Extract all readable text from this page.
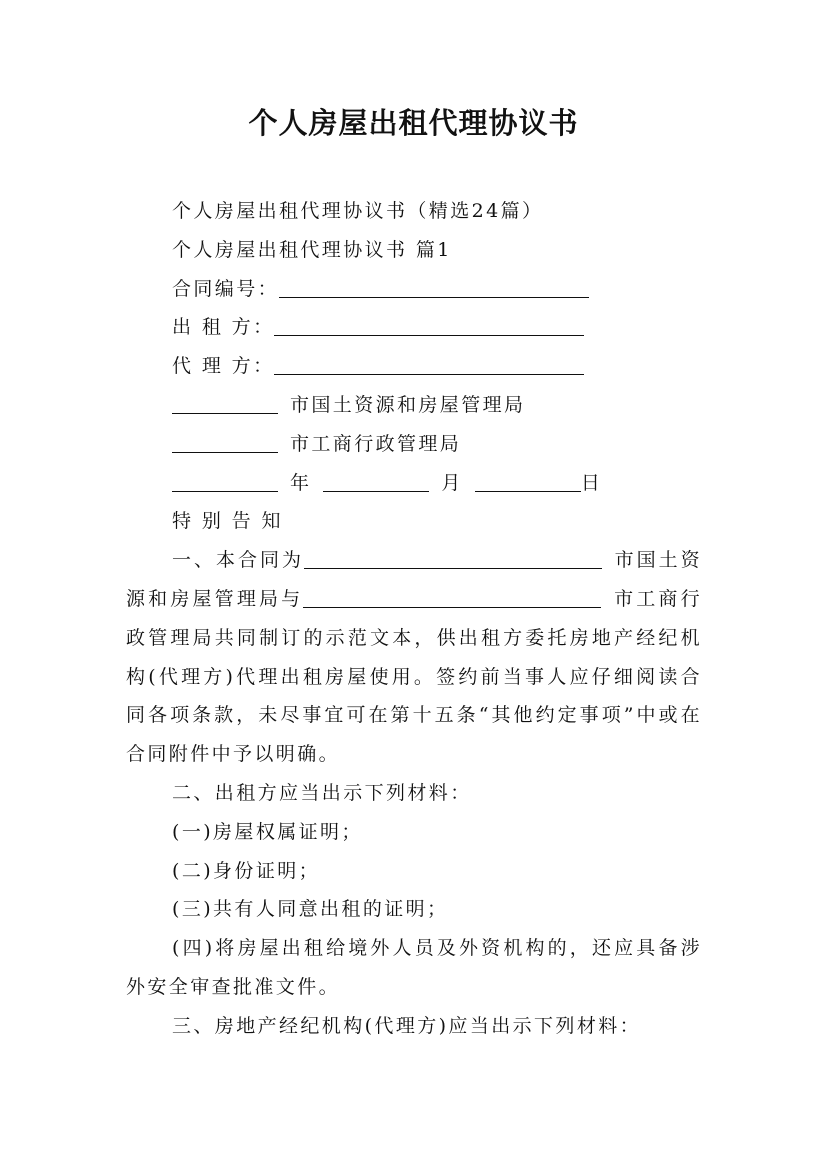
个人房屋出租代理协议书
个人房屋出租代理协议书（精选24篇）
个人房屋出租代理协议书 篇1
合同编号：
出 租 方：
代 理 方：
市国土资源和房屋管理局
市工商行政管理局
年	月	日
特 别 告 知
一、本合同为	市国土资源和房屋管理局与	市工商行政管理局共同制订的示范文本，供出租方委托房地产经纪机构(代理方)代理出租房屋使用。签约前当事人应仔细阅读合同各项条款，未尽事宜可在第十五条“其他约定事项”中或在合同附件中予以明确。
二、出租方应当出示下列材料：
(一)房屋权属证明；
(二)身份证明；
(三)共有人同意出租的证明；
(四)将房屋出租给境外人员及外资机构的，还应具备涉外安全审查批准文件。
三、房地产经纪机构(代理方)应当出示下列材料：
